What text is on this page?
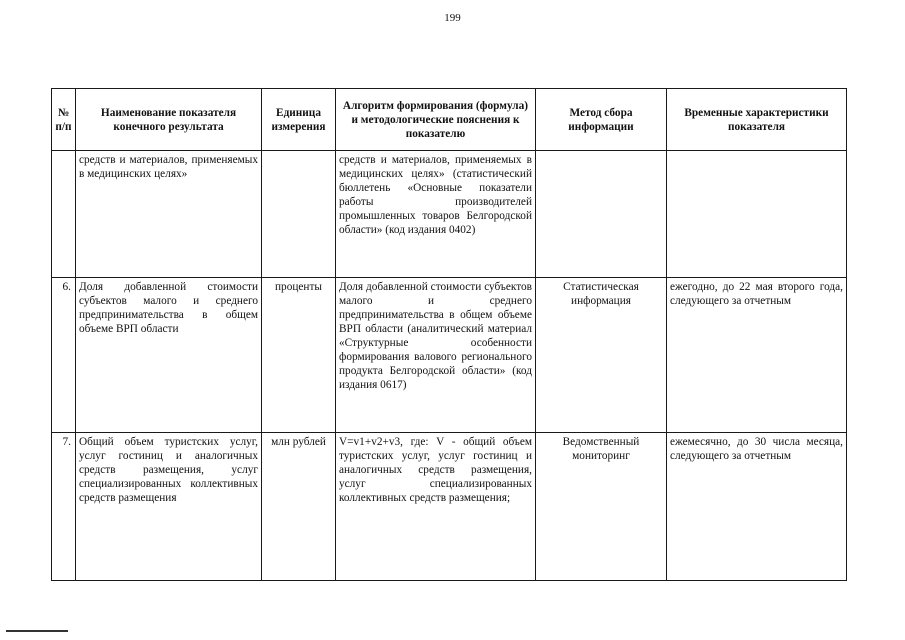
199
№ п/п	Наименование показателя конечного результата	Единица измерения	Алгоритм формирования (формула) и методологические пояснения к показателю	Метод сбора информации	Временные характеристики показателя
	средств и материалов, применяемых в медицинских целях»		средств и материалов, применяемых в медицинских целях» (статистический бюллетень «Основные показатели работы производителей промышленных товаров Белгородской области» (код издания 0402)		
6.	Доля добавленной стоимости субъектов малого и среднего предпринимательства в общем объеме ВРП области	проценты	Доля добавленной стоимости субъектов малого и среднего предпринимательства в общем объеме ВРП области (аналитический материал «Структурные особенности формирования валового регионального продукта Белгородской области» (код издания 0617)	Статистическая информация	ежегодно, до 22 мая второго года, следующего за отчетным
7.	Общий объем туристских услуг, услуг гостиниц и аналогичных средств размещения, услуг специализированных коллективных средств размещения	млн рублей	V=v1+v2+v3, где: V - общий объем туристских услуг, услуг гостиниц и аналогичных средств размещения, услуг специализированных коллективных средств размещения;	Ведомственный мониторинг	ежемесячно, до 30 числа месяца, следующего за отчетным
